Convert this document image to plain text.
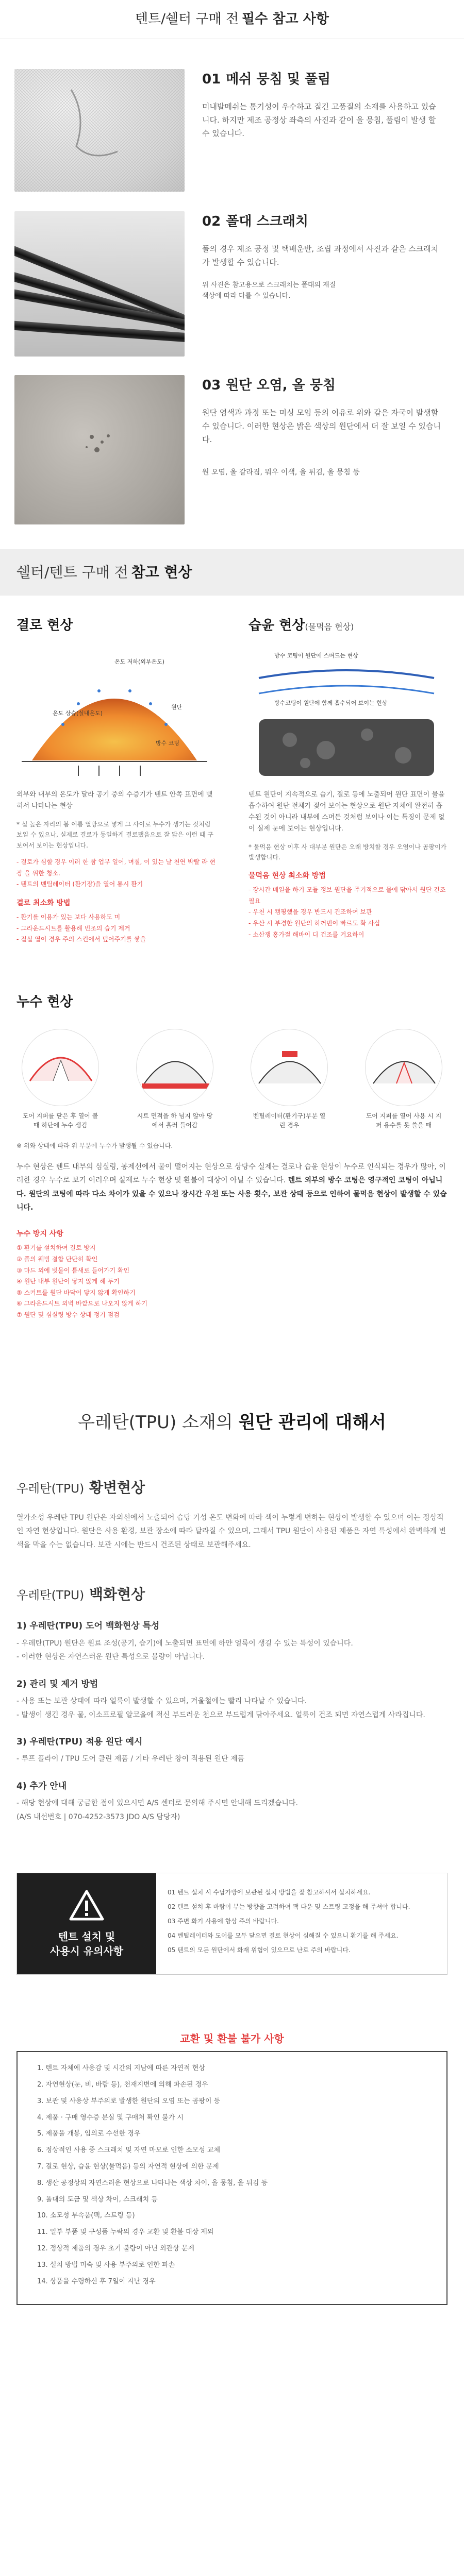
텐트/쉘터 구매 전 필수 참고 사항
01 메쉬 뭉침 및 풀림
미내발메쉬는 통기성이 우수하고 질긴 고품질의 소재를 사용하고 있습니다. 하지만 제조 공정상 좌측의 사진과 같이 올 뭉침, 풀림이 발생 할 수 있습니다.
02 폴대 스크래치
폴의 경우 제조 공정 및 택배운반, 조립 과정에서 사진과 같은 스크래치가 발생할 수 있습니다.
위 사진은 참고용으로 스크래치는 폴대의 재질
색상에 따라 다를 수 있습니다.
03 원단 오염, 올 뭉침
원단 염색과 과정 또는 미싱 모임 등의 이유로 위와 같은 자국이 발생할 수 있습니다. 이러한 현상은 밝은 색상의 원단에서 더 잘 보일 수 있습니다.
원 오염, 올 갈라짐, 뭐우 이색, 올 튀김, 올 뭉침 등
쉘터/텐트 구매 전 참고 현상
결로 현상
온도 저하(외부온도)
온도 상승(실내온도)
원단
방수 코팅
외부와 내부의 온도가 달라 공기 중의 수증기가 텐트 안쪽 표면에 맺혀서 나타나는 현상
* 실 높은 자리의 봄 여름 열방으로 넣게 그 사이로 누수가 생기는 것처럼 보일 수 있으나, 실제로 결로가 동일하게 결로됐음으로 잘 닮은 이런 때 구 보여서 보이는 현상입니다.
- 결로가 심할 경우 이러 한 참 업무 일어, 며칠, 이 있는 날 천연 박탈 라 현장 을 위한 청소.
- 텐트의 벤틸레이터 (환기장)을 열어 통시 환기
결로 최소화 방법
- 환기를 이용가 있는 보다 사용하도 미
- 그라운드시트를 활용해 빈조의 습기 제거
- 질실 열이 경우 주의 스킨에서 덮어주기를 쌓을
습윤 현상(물먹음 현상)
방수 코팅이 원단에 스며드는 현상
방수코팅이 원단에 함께 흡수되어 보이는 현상
텐트 원단이 지속적으로 습기, 결로 등에 노출되어 원단 표면이 물을 흡수하여 원단 전체가 젖어 보이는 현상으로 원단 자체에 완전히 흡수된 것이 아니라 내부에 스며든 것처럼 보이나 이는 특징이 문제 없이 실제 눈에 보이는 현상입니다.
* 물먹음 현상 이후 사 대부분 원단은 오래 방치할 경우 오염이나 곰팡이가 발생합니다.
물먹음 현상 최소화 방법
- 장시간 매일을 하기 모듈 정보 원단을 주기적으로 물에 닦아서 원단 건조 필요
- 우천 시 캠핑했을 경우 반드시 건조하여 보관
- 우산 시 부경한 원단의 하꺼번이 빠르도 확 사십
- 소산쟁 홍가절 해바이 디 건조를 거요하이
누수 현상
도어 지퍼를 닫은 후 열어 볼 때 하단에 누수 생김
시트 면적을 하 넘지 않아 땅에서 흘러 들어감
벤틸레이터(환기구)부분 열린 경우
도어 지퍼를 열어 사용 시 지퍼 용수를 못 쓸을 때
※ 위와 상태에 따라 위 부분에 누수가 발생될 수 있습니다.
누수 현상은 텐트 내부의 심실링, 봉제선에서 물이 떨어지는 현상으로 상당수 실제는 결로나 습윤 현상이 누수로 인식되는 경우가 많아, 이러한 경우 누수로 보기 어려우며 실제로 누수 현상 및 환불이 대상이 아닐 수 있습니다. 텐트 외부의 방수 코팅은 영구적인 코팅이 아닙니다. 원단의 코팅에 따라 다소 차이가 있을 수 있으나 장시간 우천 또는 사용 횟수, 보관 상태 등으로 인하여 물먹음 현상이 발생할 수 있습니다.
누수 방지 사항
① 환기를 설치하여 결로 방지
② 폴의 웨빙 결합 단단히 확인
③ 마드 외에 빗물이 틈새로 들어가기 확인
④ 원단 내부 원단이 닿지 않게 해 두기
⑤ 스커트를 원단 바닥이 닿지 않게 확인하기
⑥ 그라운드시트 외벽 바깥으로 나오지 않게 하기
⑦ 원단 및 심실링 방수 상태 정기 점검
우레탄(TPU) 소재의 원단 관리에 대해서
우레탄(TPU) 황변현상
열가소성 우레탄 TPU 원단은 자외선에서 노출되어 습당 기성 온도 변화에 따라 색이 누렇게 변하는 현상이 발생할 수 있으며 이는 정상적인 자연 현상입니다. 원단은 사용 환경, 보관 장소에 따라 달라질 수 있으며, 그래서 TPU 원단이 사용된 제품은 자연 특성에서 완벽하게 변색을 막을 수는 없습니다. 보관 시에는 반드시 건조된 상태로 보관해주세요.
우레탄(TPU) 백화현상
1) 우레탄(TPU) 도어 백화현상 특성
- 우레탄(TPU) 원단은 원료 조성(공기, 습기)에 노출되면 표면에 하얀 얼룩이 생길 수 있는 특성이 있습니다.
- 이러한 현상은 자연스러운 원단 특성으로 불량이 아닙니다.
2) 관리 및 제거 방법
- 사용 또는 보관 상태에 따라 얼룩이 발생할 수 있으며, 겨울철에는 빨리 나타날 수 있습니다.
- 발생이 생긴 경우 물, 이소프로필 알코올에 적신 부드러운 천으로 부드럽게 닦아주세요. 얼룩이 건조 되면 자연스럽게 사라집니다.
3) 우레탄(TPU) 적용 원단 예시
- 루프 플라이 / TPU 도어 클린 제품 / 기타 우레탄 창이 적용된 원단 제품
4) 추가 안내
- 해당 현상에 대해 궁금한 점이 있으시면 A/S 센터로 문의해 주시면 안내해 드리겠습니다.
(A/S 내선번호 | 070-4252-3573 JDO A/S 담당자)
텐트 설치 및
사용시 유의사항
01 텐트 설치 시 수납가방에 보관된 설치 방법을 잘 참고하셔서 설치하세요.
02 텐트 설치 후 바람이 부는 방향을 고려하여 팩 다운 및 스트링 고정을 해 주셔야 합니다.
03 주변 화기 사용에 항상 주의 바랍니다.
04 벤틸레이터와 도어를 모두 닫으면 결로 현상이 심해질 수 있으니 환기를 해 주세요.
05 텐트의 모든 원단에서 화재 위험이 있으므로 난로 주의 바랍니다.
교환 및 환불 불가 사항
1. 텐트 자체에 사용감 및 시간의 지남에 따른 자연적 현상
2. 자연현상(눈, 비, 바람 등), 천재지변에 의해 파손된 경우
3. 보관 및 사용상 부주의로 발생한 원단의 오염 또는 곰팡이 등
4. 제품 · 구매 영수증 분실 및 구매처 확인 불가 시
5. 제품을 개봉, 임의로 수선한 경우
6. 정상적인 사용 중 스크래치 및 자연 마모로 인한 소모성 교체
7. 결로 현상, 습윤 현상(물먹음) 등의 자연적 현상에 의한 문제
8. 생산 공정상의 자연스러운 현상으로 나타나는 색상 차이, 올 뭉침, 올 튀김 등
9. 폴대의 도금 및 색상 차이, 스크래치 등
10. 소모성 부속품(팩, 스트링 등)
11. 일부 부품 및 구성품 누락의 경우 교환 및 환불 대상 제외
12. 정상적 제품의 경우 초기 불량이 아닌 외관상 문제
13. 설치 방법 미숙 및 사용 부주의로 인한 파손
14. 상품을 수령하신 후 7일이 지난 경우
